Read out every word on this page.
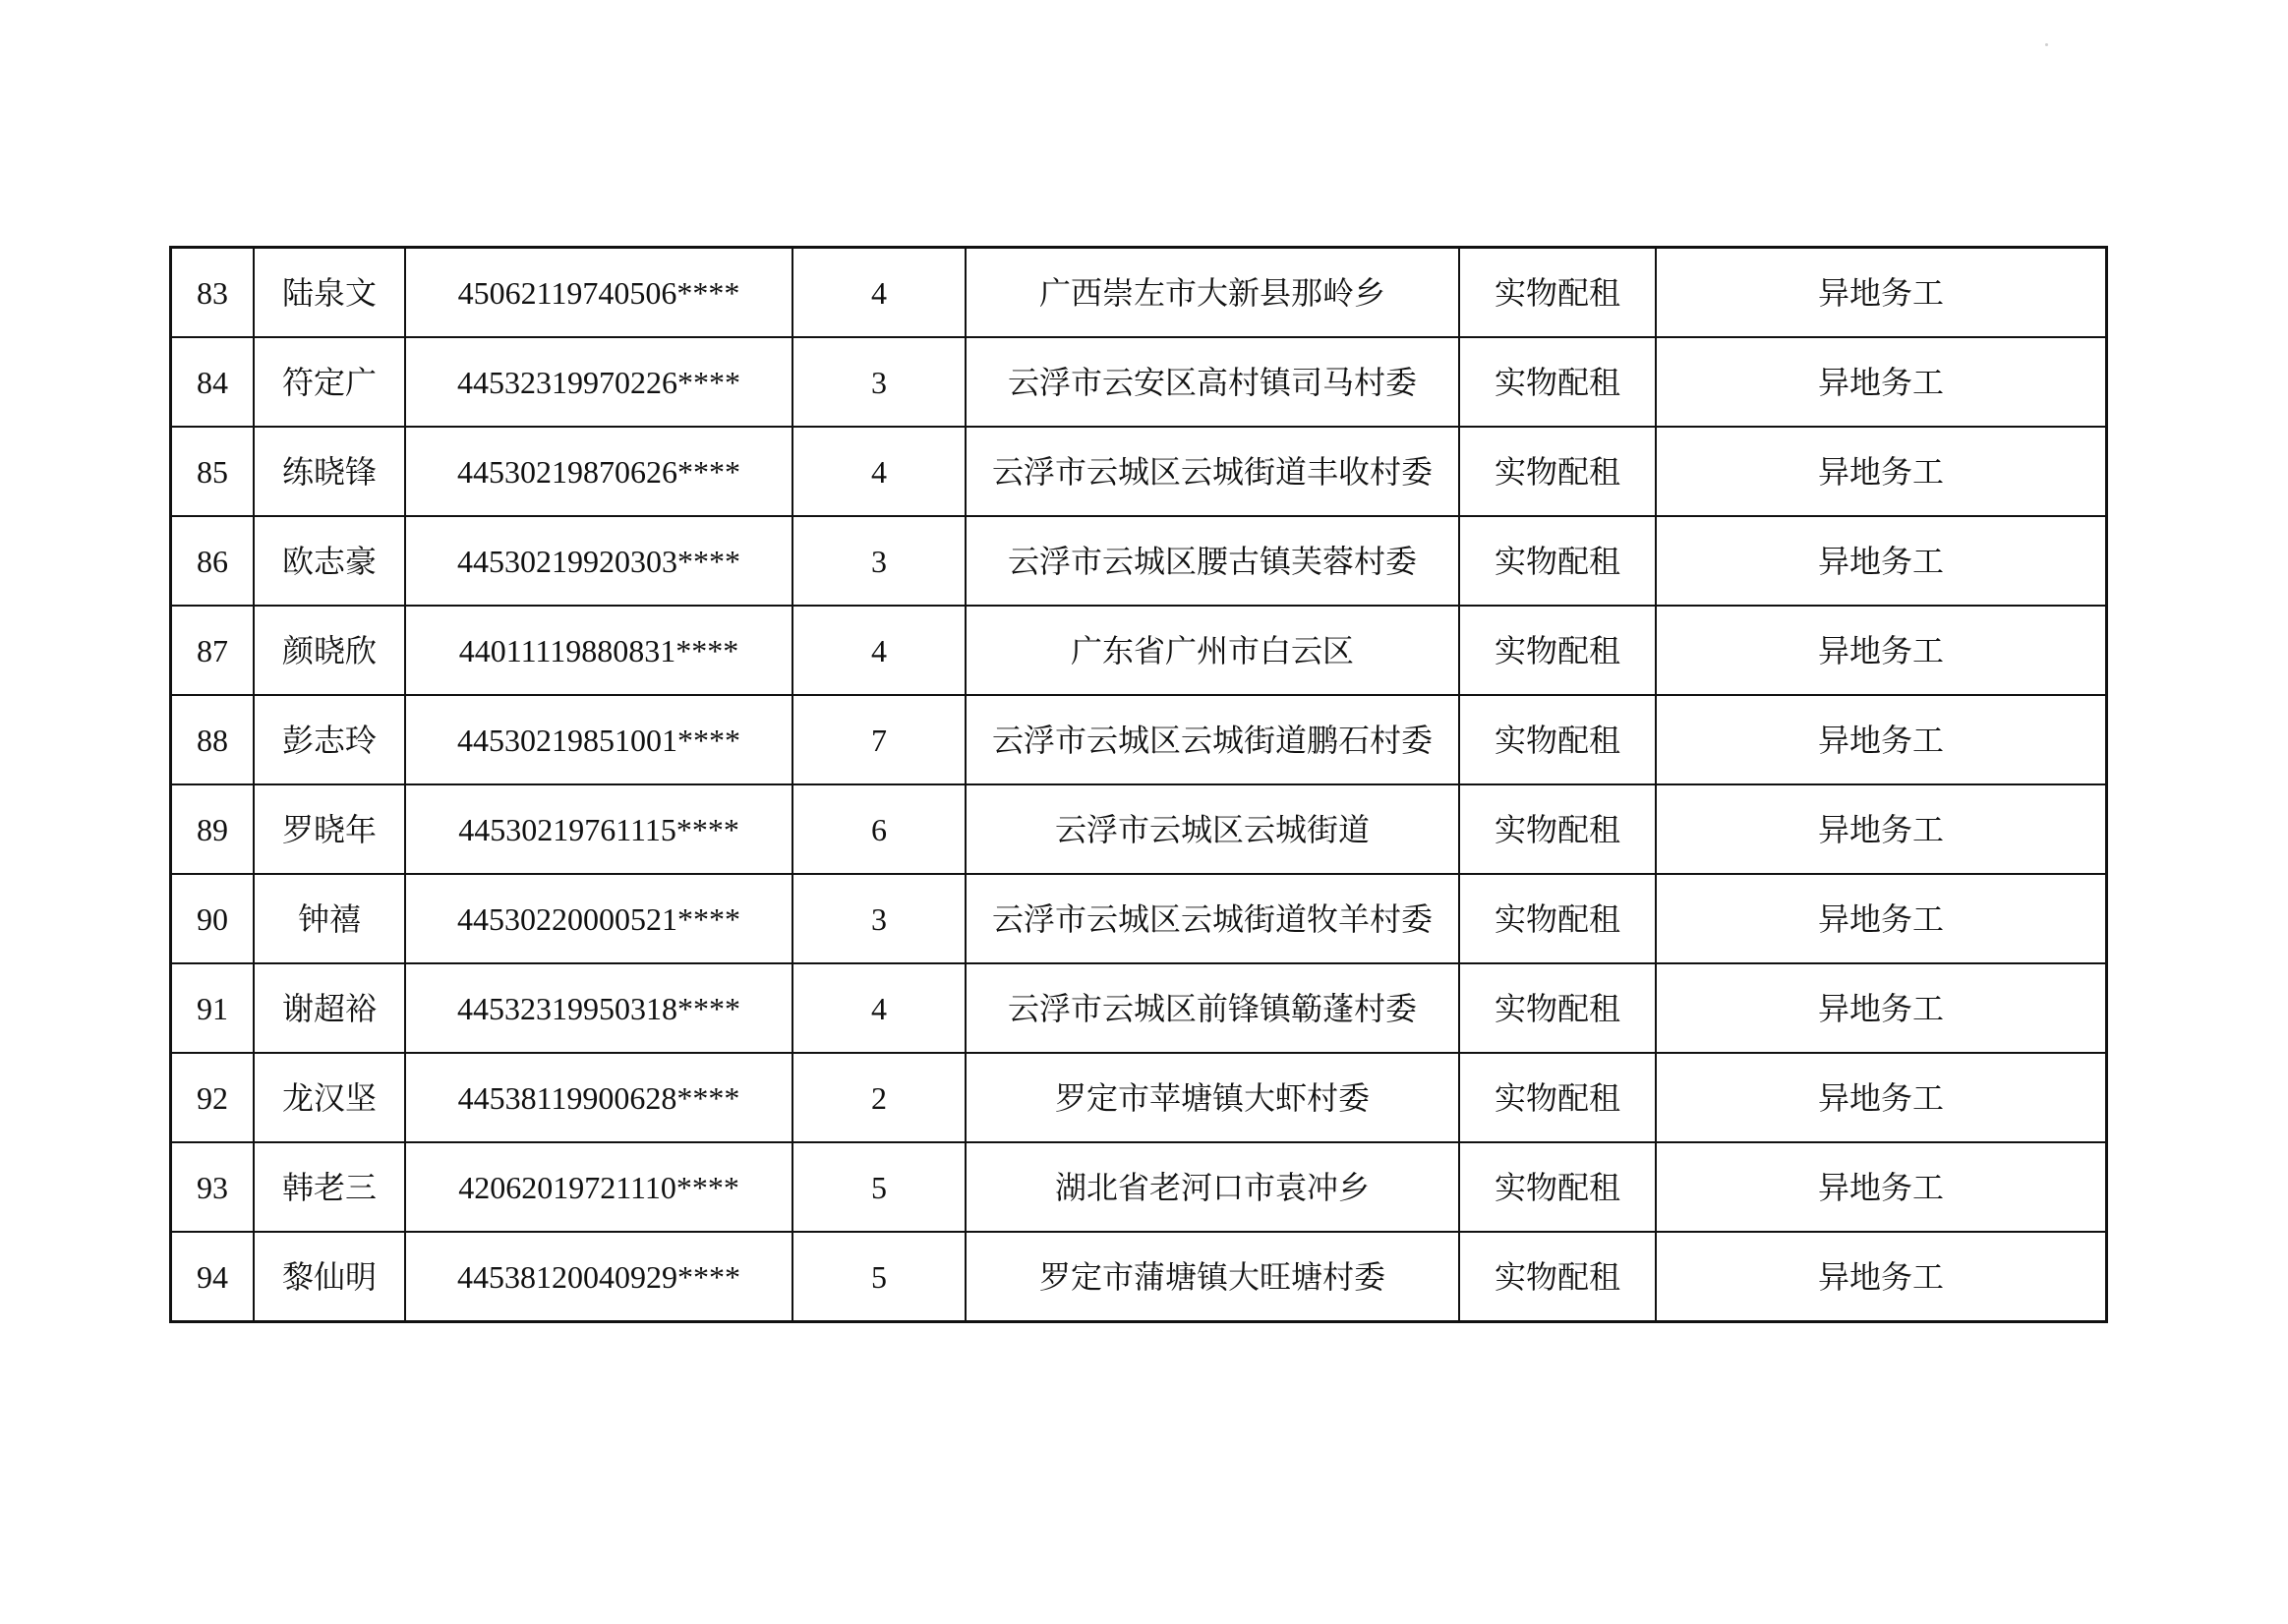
83	陆泉文	45062119740506****	4	广西崇左市大新县那岭乡	实物配租	异地务工
84	符定广	44532319970226****	3	云浮市云安区高村镇司马村委	实物配租	异地务工
85	练晓锋	44530219870626****	4	云浮市云城区云城街道丰收村委	实物配租	异地务工
86	欧志豪	44530219920303****	3	云浮市云城区腰古镇芙蓉村委	实物配租	异地务工
87	颜晓欣	44011119880831****	4	广东省广州市白云区	实物配租	异地务工
88	彭志玲	44530219851001****	7	云浮市云城区云城街道鹏石村委	实物配租	异地务工
89	罗晓年	44530219761115****	6	云浮市云城区云城街道	实物配租	异地务工
90	钟禧	44530220000521****	3	云浮市云城区云城街道牧羊村委	实物配租	异地务工
91	谢超裕	44532319950318****	4	云浮市云城区前锋镇簕蓬村委	实物配租	异地务工
92	龙汉坚	44538119900628****	2	罗定市苹塘镇大虾村委	实物配租	异地务工
93	韩老三	42062019721110****	5	湖北省老河口市袁冲乡	实物配租	异地务工
94	黎仙明	44538120040929****	5	罗定市蒲塘镇大旺塘村委	实物配租	异地务工
